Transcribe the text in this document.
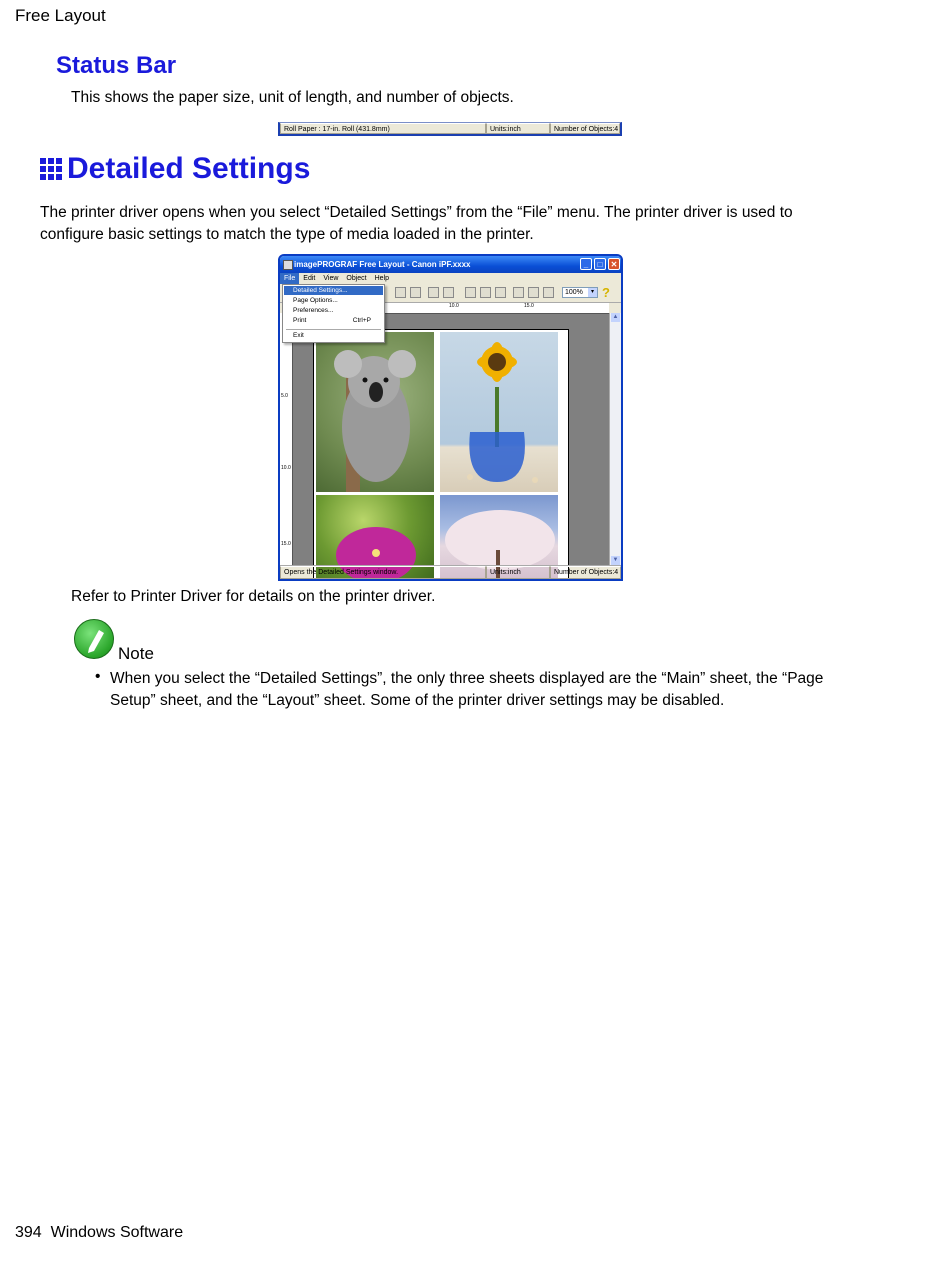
Free Layout
Status Bar
This shows the paper size, unit of length, and number of objects.
Roll Paper : 17-in. Roll (431.8mm)	Units:inch	Number of Objects:4
Detailed Settings
The printer driver opens when you select “Detailed Settings” from the “File” menu. The printer driver is used to configure basic settings to match the type of media loaded in the printer.
imagePROGRAF Free Layout - Canon iPF.xxxx	_	□	✕
File	Edit	View	Object	Help
100%	▾ ?
10.0	15.0
5.0
10.0
15.0
▲
▼
Opens the Detailed Settings window.	Units:inch	Number of Objects:4
Detailed Settings...
Page Options...
Preferences...
Print	Ctrl+P
Exit
Refer to Printer Driver for details on the printer driver.
Note
• When you select the “Detailed Settings”, the only three sheets displayed are the “Main” sheet, the “Page Setup” sheet, and the “Layout” sheet. Some of the printer driver settings may be disabled.
394 Windows Software
